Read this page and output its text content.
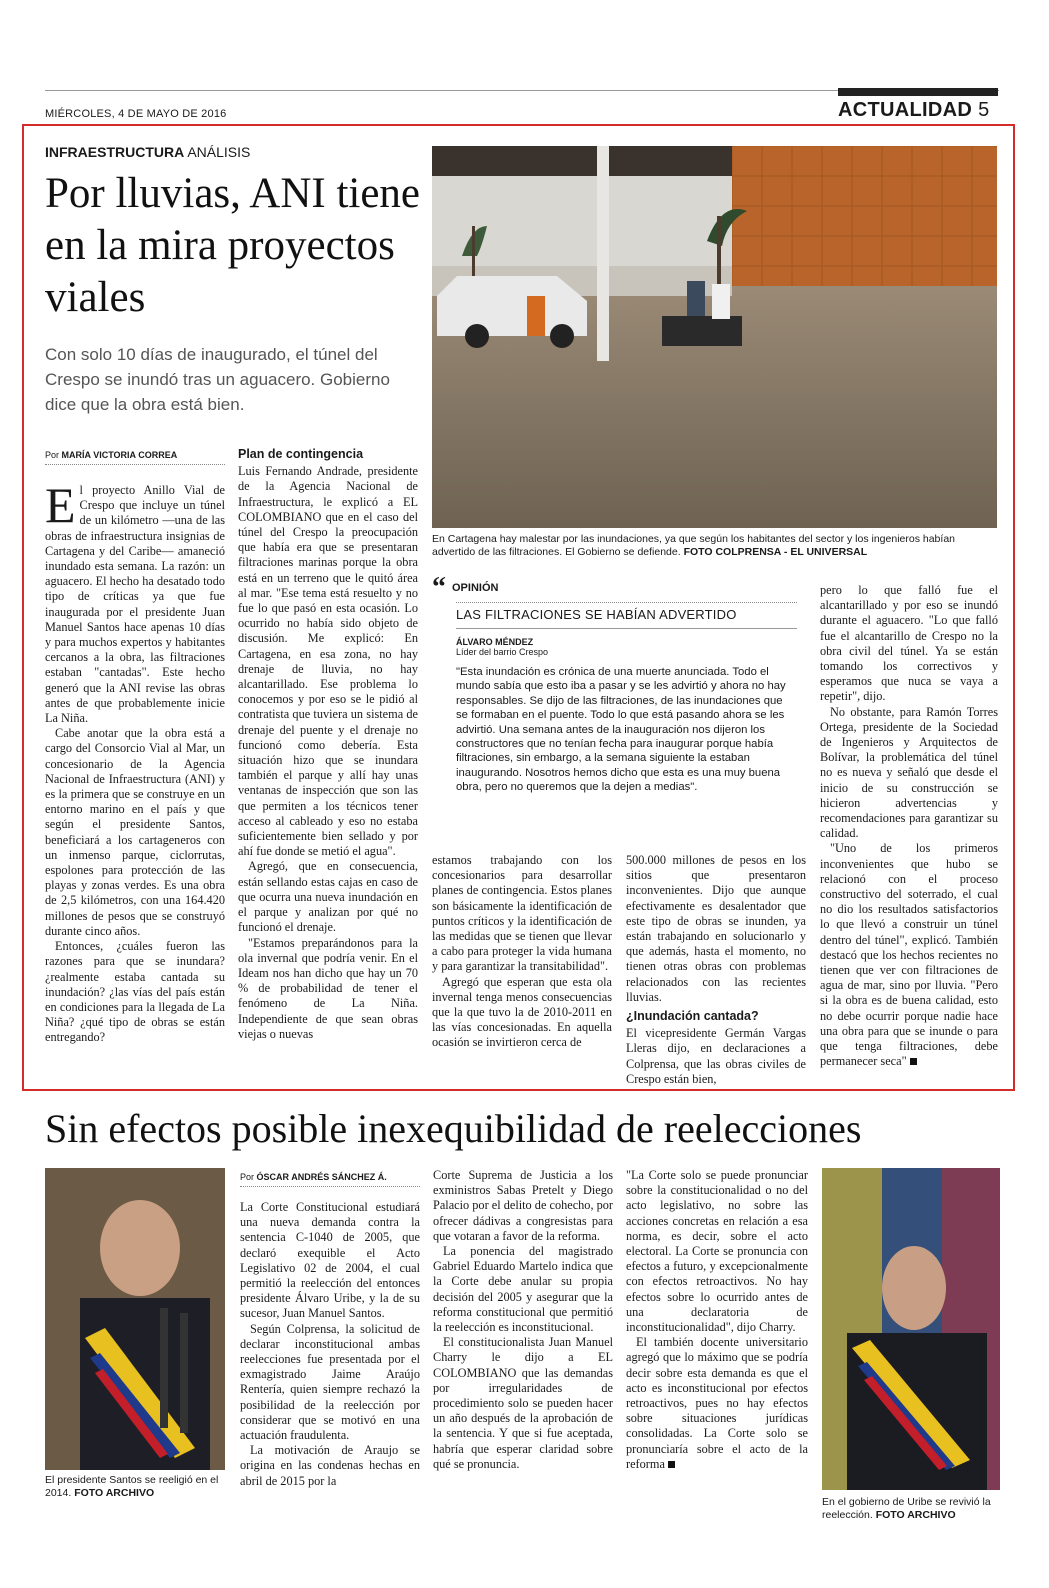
MIÉRCOLES, 4 DE MAYO DE 2016	ACTUALIDAD 5
INFRAESTRUCTURA ANÁLISIS
Por lluvias, ANI tiene en la mira proyectos viales
Con solo 10 días de inaugurado, el túnel del Crespo se inundó tras un aguacero. Gobierno dice que la obra está bien.
Por MARÍA VICTORIA CORREA
En Cartagena hay malestar por las inundaciones, ya que según los habitantes del sector y los ingenieros habían advertido de las filtraciones. El Gobierno se defiende. FOTO COLPRENSA - EL UNIVERSAL

El proyecto Anillo Vial de Crespo que incluye un túnel de un kilómetro —una de las obras de infraestructura insignias de Cartagena y del Caribe— amaneció inundado esta semana. La razón: un aguacero. El hecho ha desatado todo tipo de críticas ya que fue inaugurada por el presidente Juan Manuel Santos hace apenas 10 días y para muchos expertos y habitantes cercanos a la obra, las filtraciones estaban "cantadas". Este hecho generó que la ANI revise las obras antes de que probablemente inicie La Niña.

Cabe anotar que la obra está a cargo del Consorcio Vial al Mar, un concesionario de la Agencia Nacional de Infraestructura (ANI) y es la primera que se construye en un entorno marino en el país y que según el presidente Santos, beneficiará a los cartageneros con un inmenso parque, ciclorrutas, espolones para protección de las playas y zonas verdes. Es una obra de 2,5 kilómetros, con una 164.420 millones de pesos que se construyó durante cinco años.

Entonces, ¿cuáles fueron las razones para que se inundara? ¿realmente estaba cantada su inundación? ¿las vías del país están en condiciones para la llegada de La Niña? ¿qué tipo de obras se están entregando?

Plan de contingencia

Luis Fernando Andrade, presidente de la Agencia Nacional de Infraestructura, le explicó a EL COLOMBIANO que en el caso del túnel del Crespo la preocupación que había era que se presentaran filtraciones marinas porque la obra está en un terreno que le quitó área al mar. "Ese tema está resuelto y no fue lo que pasó en esta ocasión. Lo ocurrido no había sido objeto de discusión. Me explicó: En Cartagena, en esa zona, no hay drenaje de lluvia, no hay alcantarillado. Ese problema lo conocemos y por eso se le pidió al contratista que tuviera un sistema de drenaje del puente y el drenaje no funcionó como debería. Esta situación hizo que se inundara también el parque y allí hay unas ventanas de inspección que son las que permiten a los técnicos tener acceso al cableado y eso no estaba suficientemente bien sellado y por ahí fue donde se metió el agua".

Agregó, que en consecuencia, están sellando estas cajas en caso de que ocurra una nueva inundación en el parque y analizan por qué no funcionó el drenaje.

"Estamos preparándonos para la ola invernal que podría venir. En el Ideam nos han dicho que hay un 70 % de probabilidad de tener el fenómeno de La Niña. Independiente de que sean obras viejas o nuevas

“ OPINIÓN
LAS FILTRACIONES SE HABÍAN ADVERTIDO
ÁLVARO MÉNDEZ
Líder del barrio Crespo
"Esta inundación es crónica de una muerte anunciada. Todo el mundo sabía que esto iba a pasar y se les advirtió y ahora no hay responsables. Se dijo de las filtraciones, de las inundaciones que se formaban en el puente. Todo lo que está pasando ahora se les advirtió. Una semana antes de la inauguración nos dijeron los constructores que no tenían fecha para inaugurar porque había filtraciones, sin embargo, a la semana siguiente la estaban inaugurando. Nosotros hemos dicho que esta es una muy buena obra, pero no queremos que la dejen a medias".

estamos trabajando con los concesionarios para desarrollar planes de contingencia. Estos planes son básicamente la identificación de puntos críticos y la identificación de las medidas que se tienen que llevar a cabo para proteger la vida humana y para garantizar la transitabilidad".

Agregó que esperan que esta ola invernal tenga menos consecuencias que la que tuvo la de 2010-2011 en las vías concesionadas. En aquella ocasión se invirtieron cerca de

500.000 millones de pesos en los sitios que presentaron inconvenientes. Dijo que aunque efectivamente es desalentador que este tipo de obras se inunden, ya están trabajando en solucionarlo y que además, hasta el momento, no tienen otras obras con problemas relacionados con las recientes lluvias.

¿Inundación cantada?

El vicepresidente Germán Vargas Lleras dijo, en declaraciones a Colprensa, que las obras civiles de Crespo están bien,

pero lo que falló fue el alcantarillado y por eso se inundó durante el aguacero. "Lo que falló fue el alcantarillo de Crespo no la obra civil del túnel. Ya se están tomando los correctivos y esperamos que nuca se vaya a repetir", dijo.

No obstante, para Ramón Torres Ortega, presidente de la Sociedad de Ingenieros y Arquitectos de Bolívar, la problemática del túnel no es nueva y señaló que desde el inicio de su construcción se hicieron advertencias y recomendaciones para garantizar su calidad.

"Uno de los primeros inconvenientes que hubo se relacionó con el proceso constructivo del soterrado, el cual no dio los resultados satisfactorios lo que llevó a construir un túnel dentro del túnel", explicó. También destacó que los hechos recientes no tienen que ver con filtraciones de agua de mar, sino por lluvia. "Pero si la obra es de buena calidad, esto no debe ocurrir porque nadie hace una obra para que se inunde o para que tenga filtraciones, debe permanecer seca"

Sin efectos posible inexequibilidad de reelecciones
El presidente Santos se reeligió en el 2014. FOTO ARCHIVO
Por ÓSCAR ANDRÉS SÁNCHEZ Á.

La Corte Constitucional estudiará una nueva demanda contra la sentencia C-1040 de 2005, que declaró exequible el Acto Legislativo 02 de 2004, el cual permitió la reelección del entonces presidente Álvaro Uribe, y la de su sucesor, Juan Manuel Santos.

Según Colprensa, la solicitud de declarar inconstitucional ambas reelecciones fue presentada por el exmagistrado Jaime Araújo Rentería, quien siempre rechazó la posibilidad de la reelección por considerar que se motivó en una actuación fraudulenta.

La motivación de Araujo se origina en las condenas hechas en abril de 2015 por la

Corte Suprema de Justicia a los exministros Sabas Pretelt y Diego Palacio por el delito de cohecho, por ofrecer dádivas a congresistas para que votaran a favor de la reforma.

La ponencia del magistrado Gabriel Eduardo Martelo indica que la Corte debe anular su propia decisión del 2005 y asegurar que la reforma constitucional que permitió la reelección es inconstitucional.

El constitucionalista Juan Manuel Charry le dijo a EL COLOMBIANO que las demandas por irregularidades de procedimiento solo se pueden hacer un año después de la aprobación de la sentencia. Y que si fue aceptada, habría que esperar claridad sobre qué se pronuncia.

"La Corte solo se puede pronunciar sobre la constitucionalidad o no del acto legislativo, no sobre las acciones concretas en relación a esa norma, es decir, sobre el acto electoral. La Corte se pronuncia con efectos a futuro, y excepcionalmente con efectos retroactivos. No hay efectos sobre lo ocurrido antes de una declaratoria de inconstitucionalidad", dijo Charry.

El también docente universitario agregó que lo máximo que se podría decir sobre esta demanda es que el acto es inconstitucional por efectos retroactivos, pues no hay efectos sobre situaciones jurídicas consolidadas. La Corte solo se pronunciaría sobre el acto de la reforma

En el gobierno de Uribe se revivió la reelección. FOTO ARCHIVO
